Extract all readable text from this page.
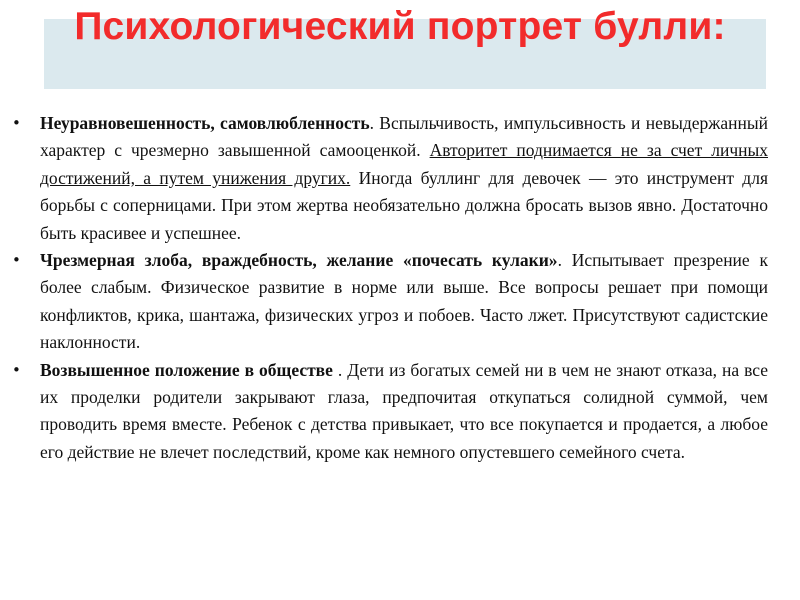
Психологический портрет булли:
• Неуравновешенность, самовлюбленность. Вспыльчивость, импульсивность и невыдержанный характер с чрезмерно завышенной самооценкой. Авторитет поднимается не за счет личных достижений, а путем унижения других. Иногда буллинг для девочек — это инструмент для борьбы с соперницами. При этом жертва необязательно должна бросать вызов явно. Достаточно быть красивее и успешнее.
• Чрезмерная злоба, враждебность, желание «почесать кулаки». Испытывает презрение к более слабым. Физическое развитие в норме или выше. Все вопросы решает при помощи конфликтов, крика, шантажа, физических угроз и побоев. Часто лжет. Присутствуют садистские наклонности.
• Возвышенное положение в обществе . Дети из богатых семей ни в чем не знают отказа, на все их проделки родители закрывают глаза, предпочитая откупаться солидной суммой, чем проводить время вместе. Ребенок с детства привыкает, что все покупается и продается, а любое его действие не влечет последствий, кроме как немного опустевшего семейного счета.
